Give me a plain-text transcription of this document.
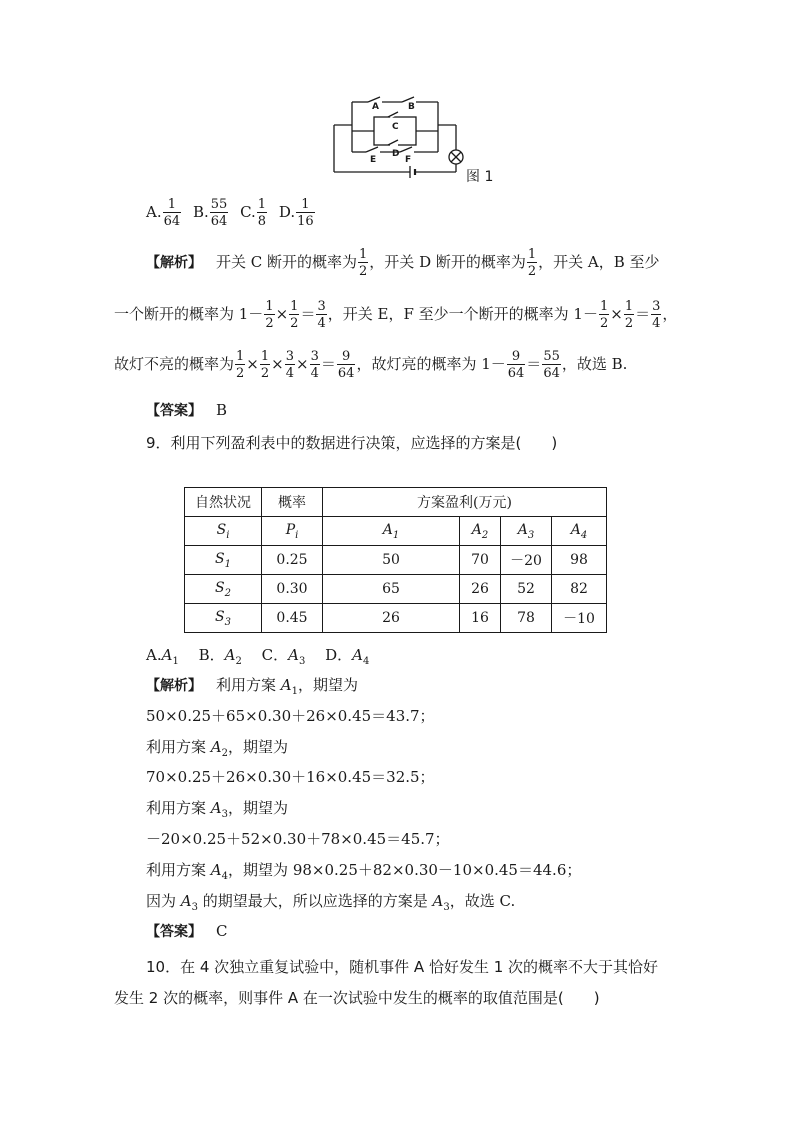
A	B
C
D
E	F
图 1
A. $\frac{1}{64} B$. $\frac{55}{64} C$. $\frac{1}{8} D$. $\frac{1}{16}$
【解析】 开关 C 断开的概率为 $\frac{1}{2}$ ，开关 D 断开的概率为 $\frac{1}{2}$ ，开关 A，B 至少
一个断开的概率为 $1- \frac{1}{2} \times \frac{1}{2} = \frac{3}{4}$ ，开关 E，F 至少一个断开的概率为 $1- \frac{1}{2} \times \frac{1}{2} = \frac{3}{4}$ ，
故灯不亮的概率为 $\frac{1}{2} \times \frac{1}{2} \times \frac{3}{4} \times \frac{3}{4} = \frac{9}{64}$ ，故灯亮的概率为 $1- \frac{9}{64} = \frac{55}{64}$ ，故选 B.
【答案】 B
9．利用下列盈利表中的数据进行决策，应选择的方案是(　　)
自然状况	概率	方案盈利(万元)			
$S_i$	$P_i$	$A_1$	$A_2$	$A_3$	$A_4$
$S_1$	0.25	50	70	－20	98
$S_2$	0.30	65	26	52	82
$S_3$	0.45	26	16	78	－10
$A.A_1$　 B．$A_2$　 C．$A_3$　 D．$A_4$
【解析】 利用方案 $A_1$，期望为
50×0.25＋65×0.30＋26×0.45＝43.7；
利用方案 $A_2$，期望为
70×0.25＋26×0.30＋16×0.45＝32.5；
利用方案 $A_3$，期望为
－20×0.25＋52×0.30＋78×0.45＝45.7；
利用方案 $A_4$，期望为 98×0.25＋82×0.30－10×0.45＝44.6；
因为 $A_3$ 的期望最大，所以应选择的方案是 $A_3$，故选 C.
【答案】 C
10．在 4 次独立重复试验中，随机事件 A 恰好发生 1 次的概率不大于其恰好
发生 2 次的概率，则事件 A 在一次试验中发生的概率的取值范围是(　　)
